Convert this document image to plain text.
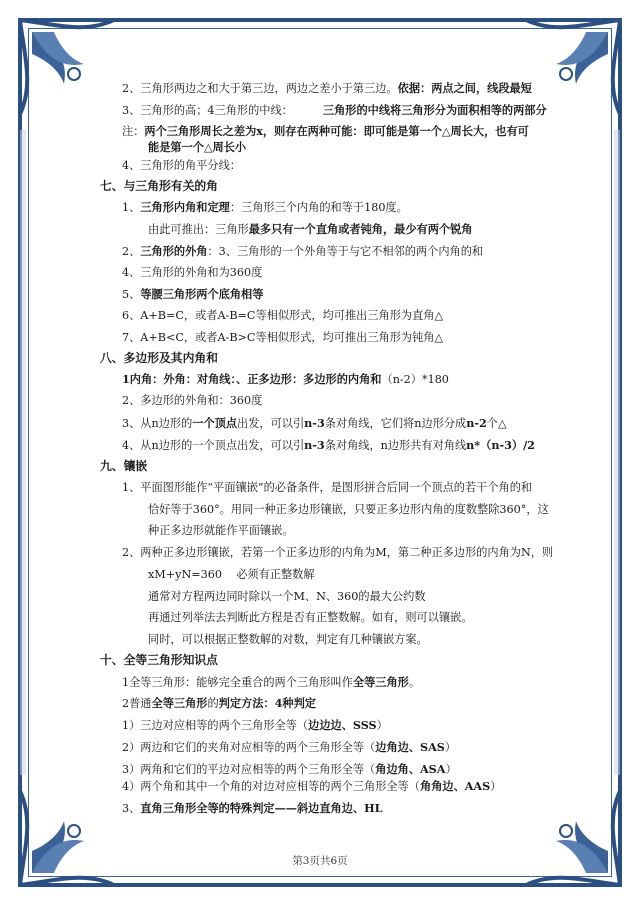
2、三角形两边之和大于第三边，两边之差小于第三边。依据：两点之间，线段最短
3、三角形的高；4三角形的中线：	三角形的中线将三角形分为面积相等的两部分
注：两个三角形周长之差为x，则存在两种可能：即可能是第一个△周长大，也有可
能是第一个△周长小
4、三角形的角平分线：
七、与三角形有关的角
1、三角形内角和定理：三角形三个内角的和等于180度。
由此可推出：三角形最多只有一个直角或者钝角，最少有两个锐角
2、三角形的外角：3、三角形的一个外角等于与它不相邻的两个内角的和
4、三角形的外角和为360度
5、等腰三角形两个底角相等
6、A+B=C，或者A-B=C等相似形式，均可推出三角形为直角△
7、A+B<C，或者A-B>C等相似形式，均可推出三角形为钝角△
八、多边形及其内角和
1内角：外角：对角线：、正多边形：多边形的内角和（n-2）*180
2、多边形的外角和：360度
3、从n边形的一个顶点出发，可以引n-3条对角线，它们将n边形分成n-2个△
4、从n边形的一个顶点出发，可以引n-3条对角线，n边形共有对角线n*（n-3）/2
九、镶嵌
1、平面图形能作“平面镶嵌”的必备条件，是图形拼合后同一个顶点的若干个角的和
恰好等于360°。用同一种正多边形镶嵌，只要正多边形内角的度数整除360°，这
种正多边形就能作平面镶嵌。
2、两种正多边形镶嵌，若第一个正多边形的内角为M，第二种正多边形的内角为N，则
xM+yN=360    必须有正整数解
通常对方程两边同时除以一个M、N、360的最大公约数
再通过列举法去判断此方程是否有正整数解。如有，则可以镶嵌。
同时，可以根据正整数解的对数，判定有几种镶嵌方案。
十、全等三角形知识点
1全等三角形：能够完全重合的两个三角形叫作全等三角形。
2普通全等三角形的判定方法：4种判定
1）三边对应相等的两个三角形全等（边边边、SSS）
2）两边和它们的夹角对应相等的两个三角形全等（边角边、SAS）
3）两角和它们的平边对应相等的两个三角形全等（角边角、ASA）
4）两个角和其中一个角的对边对应相等的两个三角形全等（角角边、AAS）
3、直角三角形全等的特殊判定——斜边直角边、HL
第3页共6页
